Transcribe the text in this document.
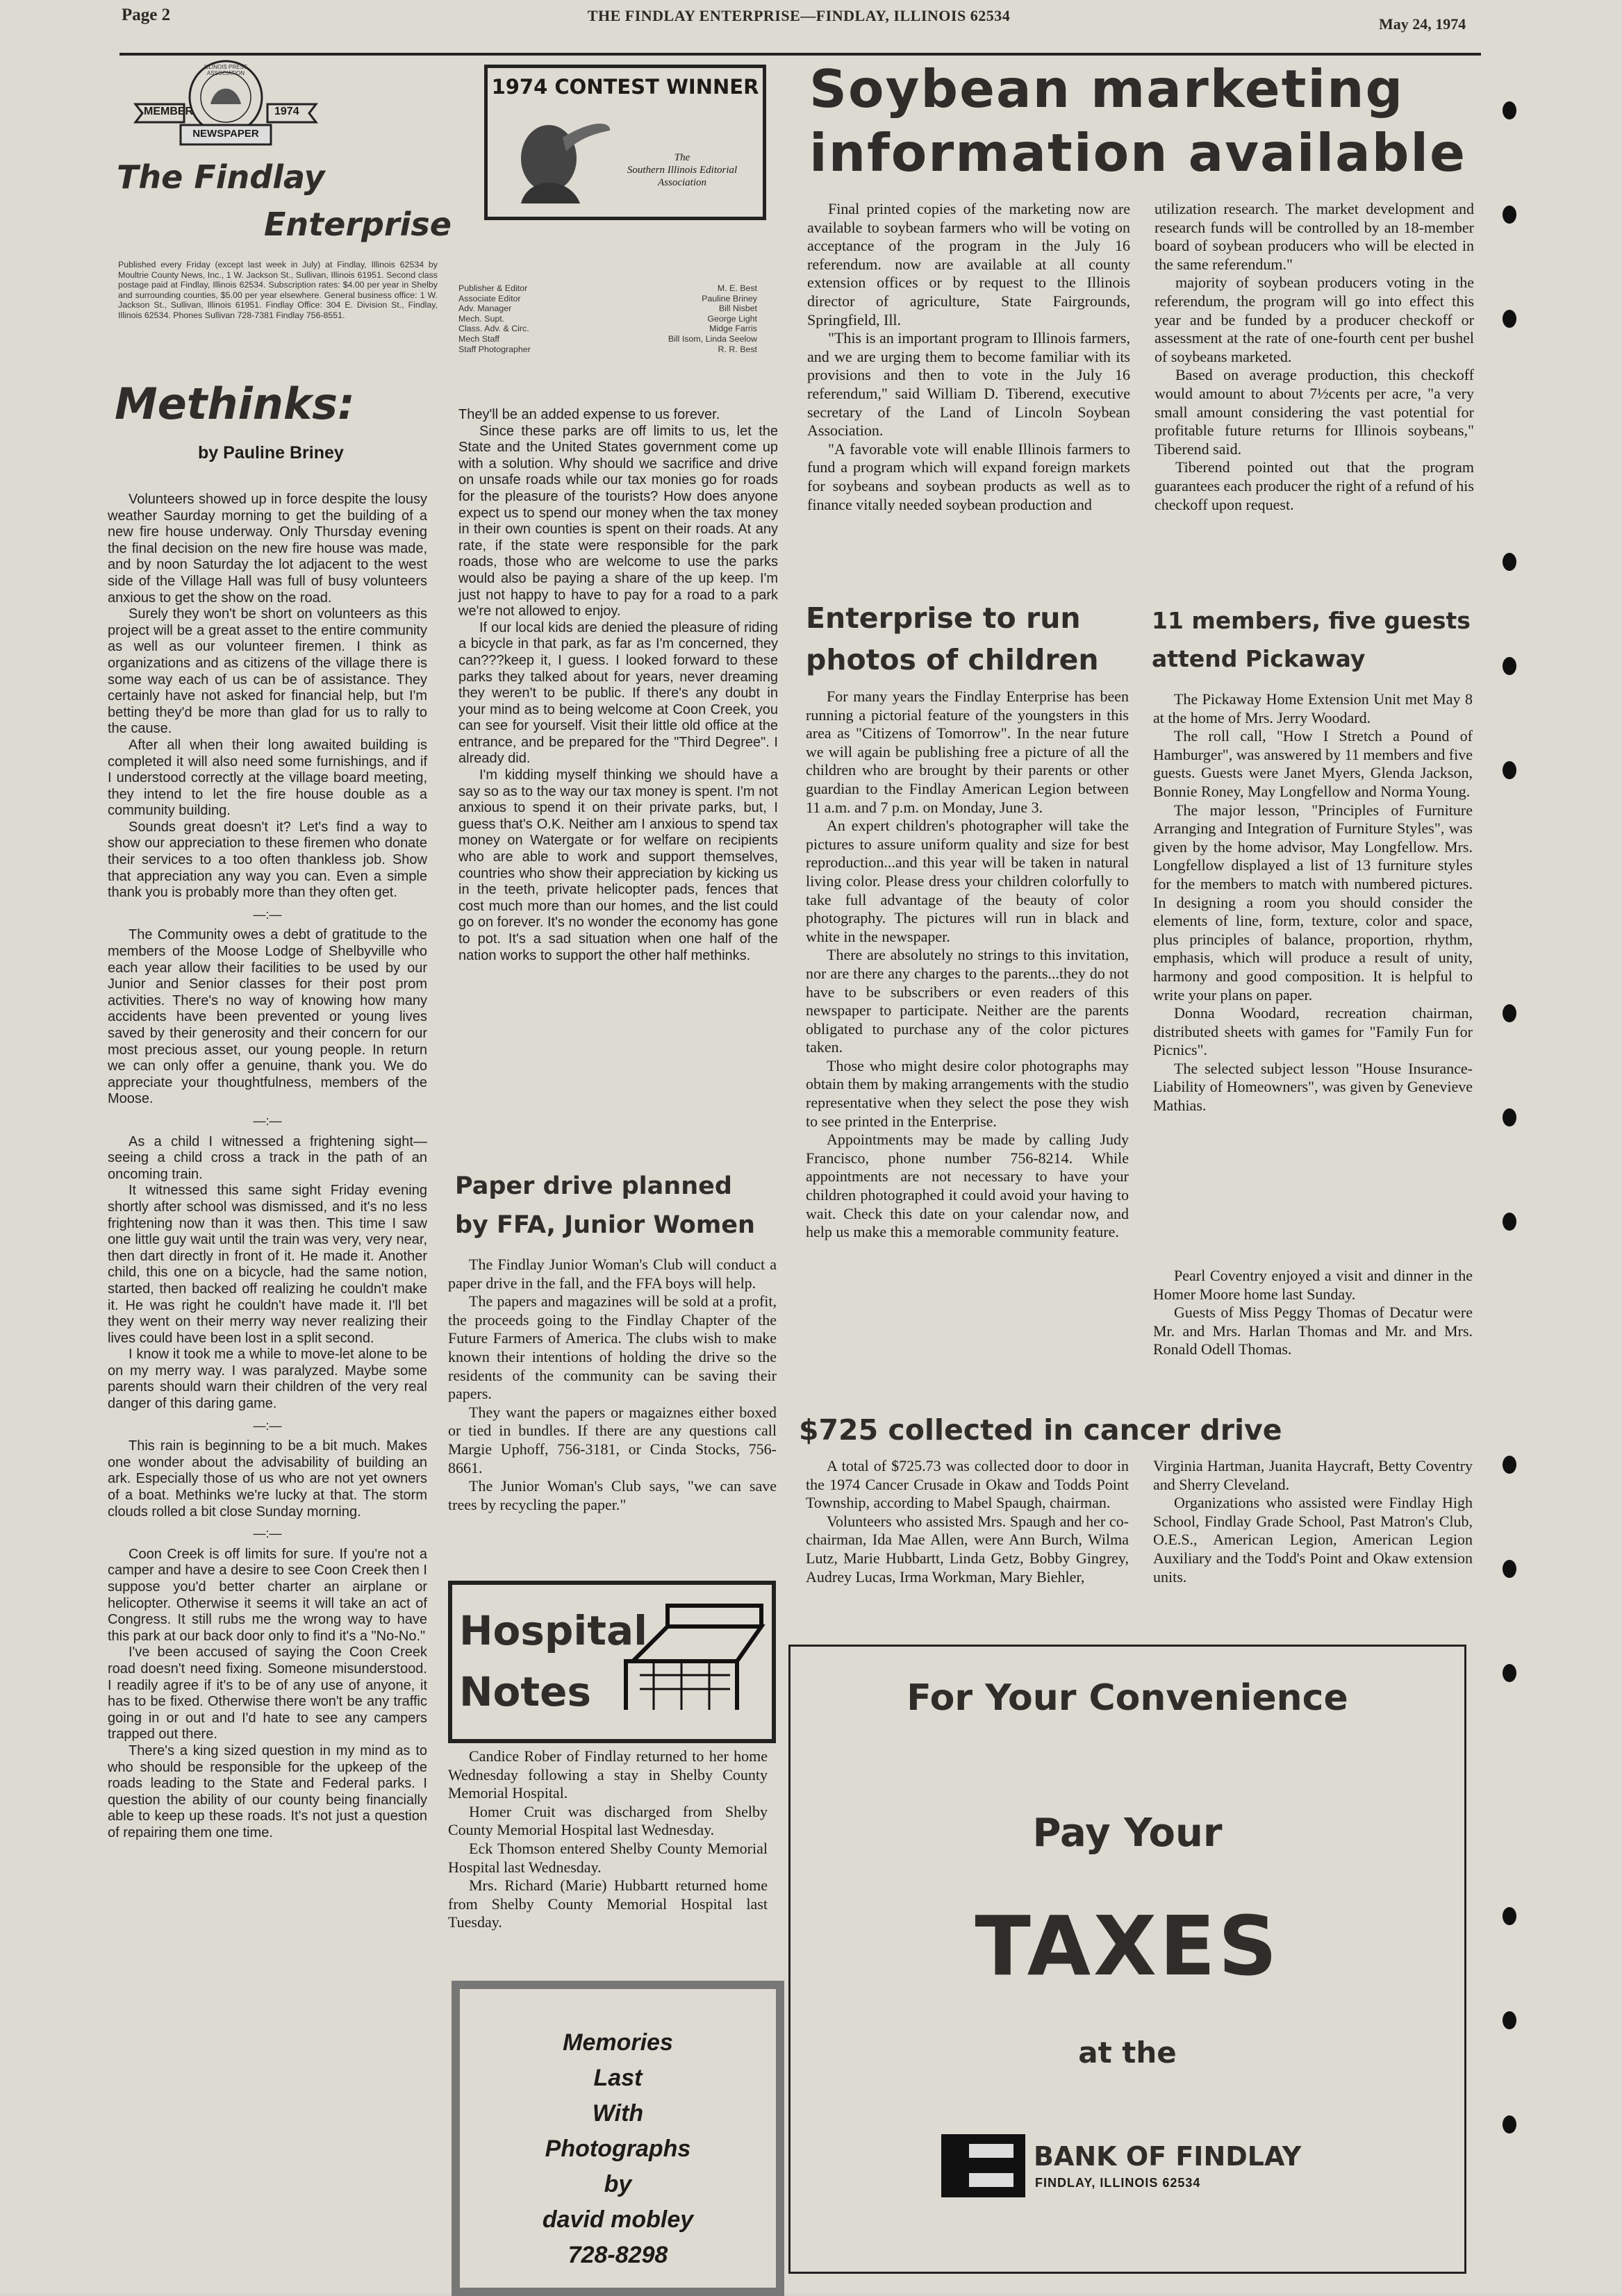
Page 2	THE FINDLAY ENTERPRISE—FINDLAY, ILLINOIS 62534	May 24, 1974
MEMBER	1974
NEWSPAPER
ILLINOIS PRESS ASSOCIATION
The Findlay
Enterprise
Published every Friday (except last week in July) at Findlay, Illinois 62534 by Moultrie County News, Inc., 1 W. Jackson St., Sullivan, Illinois 61951. Second class postage paid at Findlay, Illinois 62534. Subscription rates: $4.00 per year in Shelby and surrounding counties, $5.00 per year elsewhere. General business office: 1 W. Jackson St., Sullivan, Illinois 61951. Findlay Office: 304 E. Division St., Findlay, Illinois 62534. Phones Sullivan 728-7381 Findlay 756-8551.
Publisher & Editor	M. E. Best
Associate Editor	Pauline Briney
Adv. Manager	Bill Nisbet
Mech. Supt.	George Light
Class. Adv. & Circ.	Midge Farris
Mech Staff	Bill Isom, Linda Seelow
Staff Photographer	R. R. Best
1974 CONTEST WINNER
The
Southern Illinois Editorial
Association
Soybean marketing
information available

Final printed copies of the marketing now are available to soybean farmers who will be voting on acceptance of the program in the July 16 referendum. now are available at all county extension offices or by request to the Illinois director of agriculture, State Fairgrounds, Springfield, Ill.

"This is an important program to Illinois farmers, and we are urging them to become familiar with its provisions and then to vote in the July 16 referendum," said William D. Tiberend, executive secretary of the Land of Lincoln Soybean Association.

"A favorable vote will enable Illinois farmers to fund a program which will expand foreign markets for soybeans and soybean products as well as to finance vitally needed soybean production and

utilization research. The market development and research funds will be controlled by an 18-member board of soybean producers who will be elected in the same referendum."

majority of soybean producers voting in the referendum, the program will go into effect this year and be funded by a producer checkoff or assessment at the rate of one-fourth cent per bushel of soybeans marketed.

Based on average production, this checkoff would amount to about 7½cents per acre, "a very small amount considering the vast potential for profitable future returns for Illinois soybeans," Tiberend said.

Tiberend pointed out that the program guarantees each producer the right of a refund of his checkoff upon request.

Methinks:
by Pauline Briney

Volunteers showed up in force despite the lousy weather Saurday morning to get the building of a new fire house underway. Only Thursday evening the final decision on the new fire house was made, and by noon Saturday the lot adjacent to the west side of the Village Hall was full of busy volunteers anxious to get the show on the road.

Surely they won't be short on volunteers as this project will be a great asset to the entire community as well as our volunteer firemen. I think as organizations and as citizens of the village there is some way each of us can be of assistance. They certainly have not asked for financial help, but I'm betting they'd be more than glad for us to rally to the cause.

After all when their long awaited building is completed it will also need some furnishings, and if I understood correctly at the village board meeting, they intend to let the fire house double as a community building.

Sounds great doesn't it? Let's find a way to show our appreciation to these firemen who donate their services to a too often thankless job. Show that appreciation any way you can. Even a simple thank you is probably more than they often get.

—:—

The Community owes a debt of gratitude to the members of the Moose Lodge of Shelbyville who each year allow their facilities to be used by our Junior and Senior classes for their post prom activities. There's no way of knowing how many accidents have been prevented or young lives saved by their generosity and their concern for our most precious asset, our young people. In return we can only offer a genuine, thank you. We do appreciate your thoughtfulness, members of the Moose.

—:—

As a child I witnessed a frightening sight—seeing a child cross a track in the path of an oncoming train.

It witnessed this same sight Friday evening shortly after school was dismissed, and it's no less frightening now than it was then. This time I saw one little guy wait until the train was very, very near, then dart directly in front of it. He made it. Another child, this one on a bicycle, had the same notion, started, then backed off realizing he couldn't make it. He was right he couldn't have made it. I'll bet they went on their merry way never realizing their lives could have been lost in a split second.

I know it took me a while to move-let alone to be on my merry way. I was paralyzed. Maybe some parents should warn their children of the very real danger of this daring game.

—:—

This rain is beginning to be a bit much. Makes one wonder about the advisability of building an ark. Especially those of us who are not yet owners of a boat. Methinks we're lucky at that. The storm clouds rolled a bit close Sunday morning.

—:—

Coon Creek is off limits for sure. If you're not a camper and have a desire to see Coon Creek then I suppose you'd better charter an airplane or helicopter. Otherwise it seems it will take an act of Congress. It still rubs me the wrong way to have this park at our back door only to find it's a "No-No."

I've been accused of saying the Coon Creek road doesn't need fixing. Someone misunderstood. I readily agree if it's to be of any use of anyone, it has to be fixed. Otherwise there won't be any traffic going in or out and I'd hate to see any campers trapped out there.

There's a king sized question in my mind as to who should be responsible for the upkeep of the roads leading to the State and Federal parks. I question the ability of our county being financially able to keep up these roads. It's not just a question of repairing them one time.

They'll be an added expense to us forever.

Since these parks are off limits to us, let the State and the United States government come up with a solution. Why should we sacrifice and drive on unsafe roads while our tax monies go for roads for the pleasure of the tourists? How does anyone expect us to spend our money when the tax money in their own counties is spent on their roads. At any rate, if the state were responsible for the park roads, those who are welcome to use the parks would also be paying a share of the up keep. I'm just not happy to have to pay for a road to a park we're not allowed to enjoy.

If our local kids are denied the pleasure of riding a bicycle in that park, as far as I'm concerned, they can???keep it, I guess. I looked forward to these parks they talked about for years, never dreaming they weren't to be public. If there's any doubt in your mind as to being welcome at Coon Creek, you can see for yourself. Visit their little old office at the entrance, and be prepared for the "Third Degree". I already did.

I'm kidding myself thinking we should have a say so as to the way our tax money is spent. I'm not anxious to spend it on their private parks, but, I guess that's O.K. Neither am I anxious to spend tax money on Watergate or for welfare on recipients who are able to work and support themselves, countries who show their appreciation by kicking us in the teeth, private helicopter pads, fences that cost much more than our homes, and the list could go on forever. It's no wonder the economy has gone to pot. It's a sad situation when one half of the nation works to support the other half methinks.

Paper drive planned
by FFA, Junior Women

The Findlay Junior Woman's Club will conduct a paper drive in the fall, and the FFA boys will help.

The papers and magazines will be sold at a profit, the proceeds going to the Findlay Chapter of the Future Farmers of America. The clubs wish to make known their intentions of holding the drive so the residents of the community can be saving their papers.

They want the papers or magaiznes either boxed or tied in bundles. If there are any questions call Margie Uphoff, 756-3181, or Cinda Stocks, 756-8661.

The Junior Woman's Club says, "we can save trees by recycling the paper."

Hospital
Notes

Candice Rober of Findlay returned to her home Wednesday following a stay in Shelby County Memorial Hospital.

Homer Cruit was discharged from Shelby County Memorial Hospital last Wednesday.

Eck Thomson entered Shelby County Memorial Hospital last Wednesday.

Mrs. Richard (Marie) Hubbartt returned home from Shelby County Memorial Hospital last Tuesday.

Memories
Last
With
Photographs
by
david mobley
728-8298
Enterprise to run
photos of children

For many years the Findlay Enterprise has been running a pictorial feature of the youngsters in this area as "Citizens of Tomorrow". In the near future we will again be publishing free a picture of all the children who are brought by their parents or other guardian to the Findlay American Legion between 11 a.m. and 7 p.m. on Monday, June 3.

An expert children's photographer will take the pictures to assure uniform quality and size for best reproduction...and this year will be taken in natural living color. Please dress your children colorfully to take full advantage of the beauty of color photography. The pictures will run in black and white in the newspaper.

There are absolutely no strings to this invitation, nor are there any charges to the parents...they do not have to be subscribers or even readers of this newspaper to participate. Neither are the parents obligated to purchase any of the color pictures taken.

Those who might desire color photographs may obtain them by making arrangements with the studio representative when they select the pose they wish to see printed in the Enterprise.

Appointments may be made by calling Judy Francisco, phone number 756-8214. While appointments are not necessary to have your children photographed it could avoid your having to wait. Check this date on your calendar now, and help us make this a memorable community feature.

11 members, five guests
attend Pickaway

The Pickaway Home Extension Unit met May 8 at the home of Mrs. Jerry Woodard.

The roll call, "How I Stretch a Pound of Hamburger", was answered by 11 members and five guests. Guests were Janet Myers, Glenda Jackson, Bonnie Roney, May Longfellow and Norma Young.

The major lesson, "Principles of Furniture Arranging and Integration of Furniture Styles", was given by the home advisor, May Longfellow. Mrs. Longfellow displayed a list of 13 furniture styles for the members to match with numbered pictures. In designing a room you should consider the elements of line, form, texture, color and space, plus principles of balance, proportion, rhythm, emphasis, which will produce a result of unity, harmony and good composition. It is helpful to write your plans on paper.

Donna Woodard, recreation chairman, distributed sheets with games for "Family Fun for Picnics".

The selected subject lesson "House Insurance-Liability of Homeowners", was given by Genevieve Mathias.

Pearl Coventry enjoyed a visit and dinner in the Homer Moore home last Sunday.

Guests of Miss Peggy Thomas of Decatur were Mr. and Mrs. Harlan Thomas and Mr. and Mrs. Ronald Odell Thomas.

$725 collected in cancer drive

A total of $725.73 was collected door to door in the 1974 Cancer Crusade in Okaw and Todds Point Township, according to Mabel Spaugh, chairman.

Volunteers who assisted Mrs. Spaugh and her co-chairman, Ida Mae Allen, were Ann Burch, Wilma Lutz, Marie Hubbartt, Linda Getz, Bobby Gingrey, Audrey Lucas, Irma Workman, Mary Biehler,

Virginia Hartman, Juanita Haycraft, Betty Coventry and Sherry Cleveland.

Organizations who assisted were Findlay High School, Findlay Grade School, Past Matron's Club, O.E.S., American Legion, American Legion Auxiliary and the Todd's Point and Okaw extension units.

For Your Convenience
Pay Your
TAXES
at the
BANK OF FINDLAY
FINDLAY, ILLINOIS 62534
